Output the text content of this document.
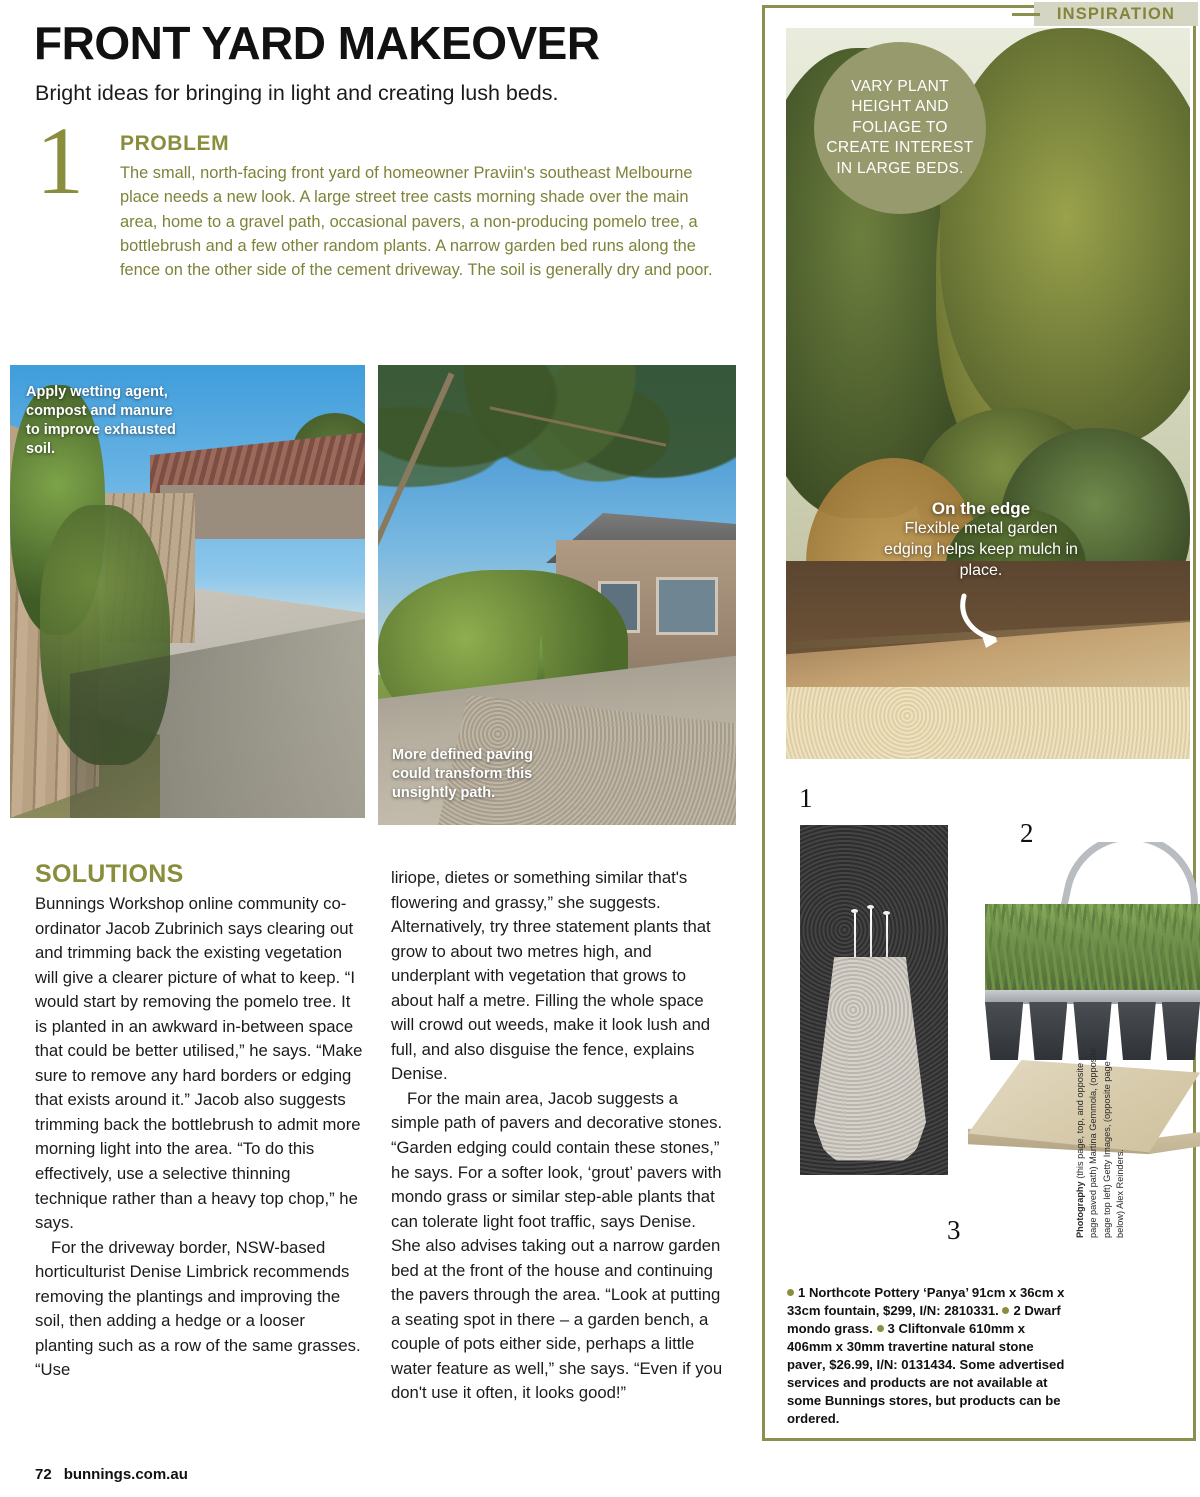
FRONT YARD MAKEOVER

Bright ideas for bringing in light and creating lush beds.

1 PROBLEM
The small, north-facing front yard of homeowner Praviin's southeast Melbourne place needs a new look. A large street tree casts morning shade over the main area, home to a gravel path, occasional pavers, a non-producing pomelo tree, a bottlebrush and a few other random plants. A narrow garden bed runs along the fence on the other side of the cement driveway. The soil is generally dry and poor.
Apply wetting agent, compost and manure to improve exhausted soil.
More defined paving could transform this unsightly path.
SOLUTIONS

Bunnings Workshop online community co-ordinator Jacob Zubrinich says clearing out and trimming back the existing vegetation will give a clearer picture of what to keep. “I would start by removing the pomelo tree. It is planted in an awkward in-between space that could be better utilised,” he says. “Make sure to remove any hard borders or edging that exists around it.” Jacob also suggests trimming back the bottlebrush to admit more morning light into the area. “To do this effectively, use a selective thinning technique rather than a heavy top chop,” he says.

For the driveway border, NSW-based horticulturist Denise Limbrick recommends removing the plantings and improving the soil, then adding a hedge or a looser planting such as a row of the same grasses. “Use

liriope, dietes or something similar that's flowering and grassy,” she suggests. Alternatively, try three statement plants that grow to about two metres high, and underplant with vegetation that grows to about half a metre. Filling the whole space will crowd out weeds, make it look lush and full, and also disguise the fence, explains Denise.

For the main area, Jacob suggests a simple path of pavers and decorative stones. “Garden edging could contain these stones,” he says. For a softer look, ‘grout’ pavers with mondo grass or similar step-able plants that can tolerate light foot traffic, says Denise. She also advises taking out a narrow garden bed at the front of the house and continuing the pavers through the area. “Look at putting a seating spot in there – a garden bench, a couple of pots either side, perhaps a little water feature as well,” she says. “Even if you don't use it often, it looks good!”

72 bunnings.com.au
INSPIRATION
VARY PLANT HEIGHT AND FOLIAGE TO CREATE INTEREST IN LARGE BEDS.
On the edge
Flexible metal garden edging helps keep mulch in place.
1
2
3
1 Northcote Pottery ‘Panya’ 91cm x 36cm x 33cm fountain, $299, I/N: 2810331. 2 Dwarf mondo grass. 3 Cliftonvale 610mm x 406mm x 30mm travertine natural stone paver, $26.99, I/N: 0131434. Some advertised services and products are not available at some Bunnings stores, but products can be ordered.
Photography (this page, top, and opposite page paved path) Martina Gemmola, (opposite page top left) Getty Images, (opposite page below) Alex Reinders.
